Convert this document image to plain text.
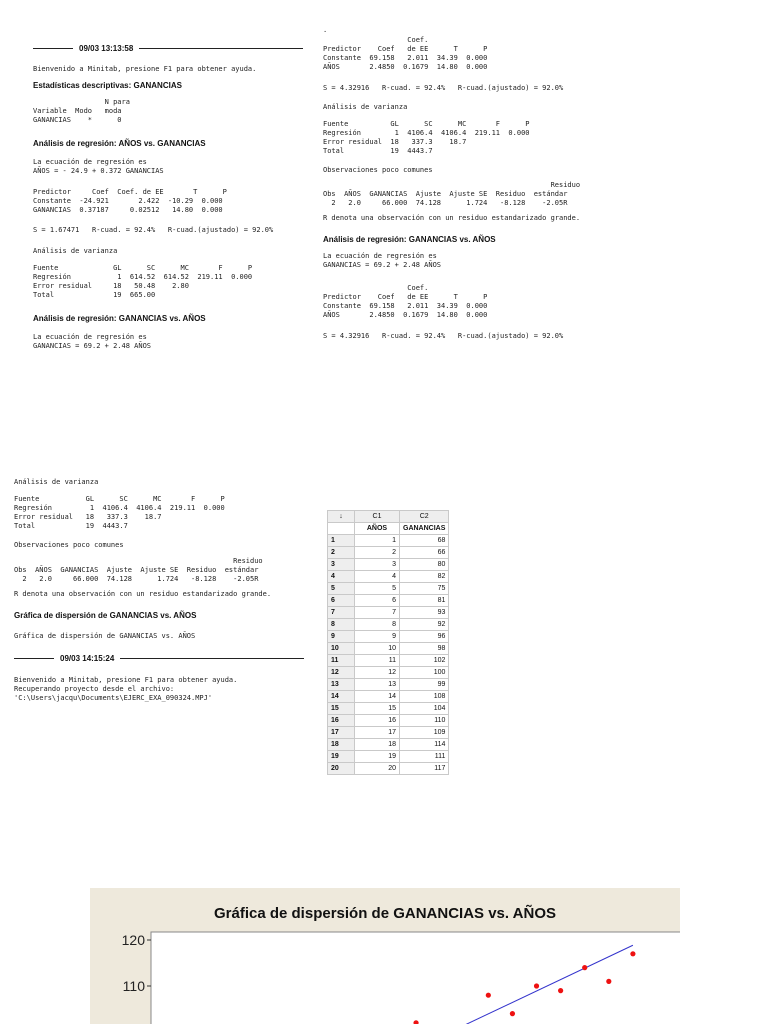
09/03 13:13:58
Bienvenido a Minitab, presione F1 para obtener ayuda.
Estadísticas descriptivas: GANANCIAS
N para
Variable  Modo   moda
GANANCIAS    *      0
Análisis de regresión: AÑOS vs. GANANCIAS
La ecuación de regresión es
AÑOS = - 24.9 + 0.372 GANANCIAS
Predictor     Coef  Coef. de EE       T      P
Constante  -24.921       2.422  -10.29  0.000
GANANCIAS  0.37187     0.02512   14.80  0.000
S = 1.67471   R-cuad. = 92.4%   R-cuad.(ajustado) = 92.0%
Análisis de varianza
Fuente             GL      SC      MC       F      P
Regresión           1  614.52  614.52  219.11  0.000
Error residual     18   50.48    2.80
Total              19  665.00
Análisis de regresión: GANANCIAS vs. AÑOS
La ecuación de regresión es
GANANCIAS = 69.2 + 2.48 AÑOS
·
Coef.
Predictor    Coef   de EE      T      P
Constante  69.158   2.011  34.39  0.000
AÑOS       2.4850  0.1679  14.80  0.000
S = 4.32916   R-cuad. = 92.4%   R-cuad.(ajustado) = 92.0%
Análisis de varianza
Fuente          GL      SC      MC       F      P
Regresión        1  4106.4  4106.4  219.11  0.000
Error residual  18   337.3    18.7
Total           19  4443.7
Observaciones poco comunes
Residuo
Obs  AÑOS  GANANCIAS  Ajuste  Ajuste SE  Residuo  estándar
2   2.0     66.000  74.128      1.724   -8.128    -2.05R
R denota una observación con un residuo estandarizado grande.
Análisis de regresión: GANANCIAS vs. AÑOS
La ecuación de regresión es
GANANCIAS = 69.2 + 2.48 AÑOS
Coef.
Predictor    Coef   de EE      T      P
Constante  69.158   2.011  34.39  0.000
AÑOS       2.4850  0.1679  14.80  0.000
S = 4.32916   R-cuad. = 92.4%   R-cuad.(ajustado) = 92.0%
Análisis de varianza
Fuente           GL      SC      MC       F      P
Regresión         1  4106.4  4106.4  219.11  0.000
Error residual   18   337.3    18.7
Total            19  4443.7
Observaciones poco comunes
Residuo
Obs  AÑOS  GANANCIAS  Ajuste  Ajuste SE  Residuo  estándar
2   2.0     66.000  74.128      1.724   -8.128    -2.05R
R denota una observación con un residuo estandarizado grande.
Gráfica de dispersión de GANANCIAS vs. AÑOS
Gráfica de dispersión de GANANCIAS vs. AÑOS
09/03 14:15:24
Bienvenido a Minitab, presione F1 para obtener ayuda.
Recuperando proyecto desde el archivo:
'C:\Users\jacqu\Documents\EJERC_EXA_090324.MPJ'
↓	C1	C2
	AÑOS	GANANCIAS
1	1	68
2	2	66
3	3	80
4	4	82
5	5	75
6	6	81
7	7	93
8	8	92
9	9	96
10	10	98
11	11	102
12	12	100
13	13	99
14	14	108
15	15	104
16	16	110
17	17	109
18	18	114
19	19	111
20	20	117
Gráfica de dispersión de GANANCIAS vs. AÑOS
120
110
